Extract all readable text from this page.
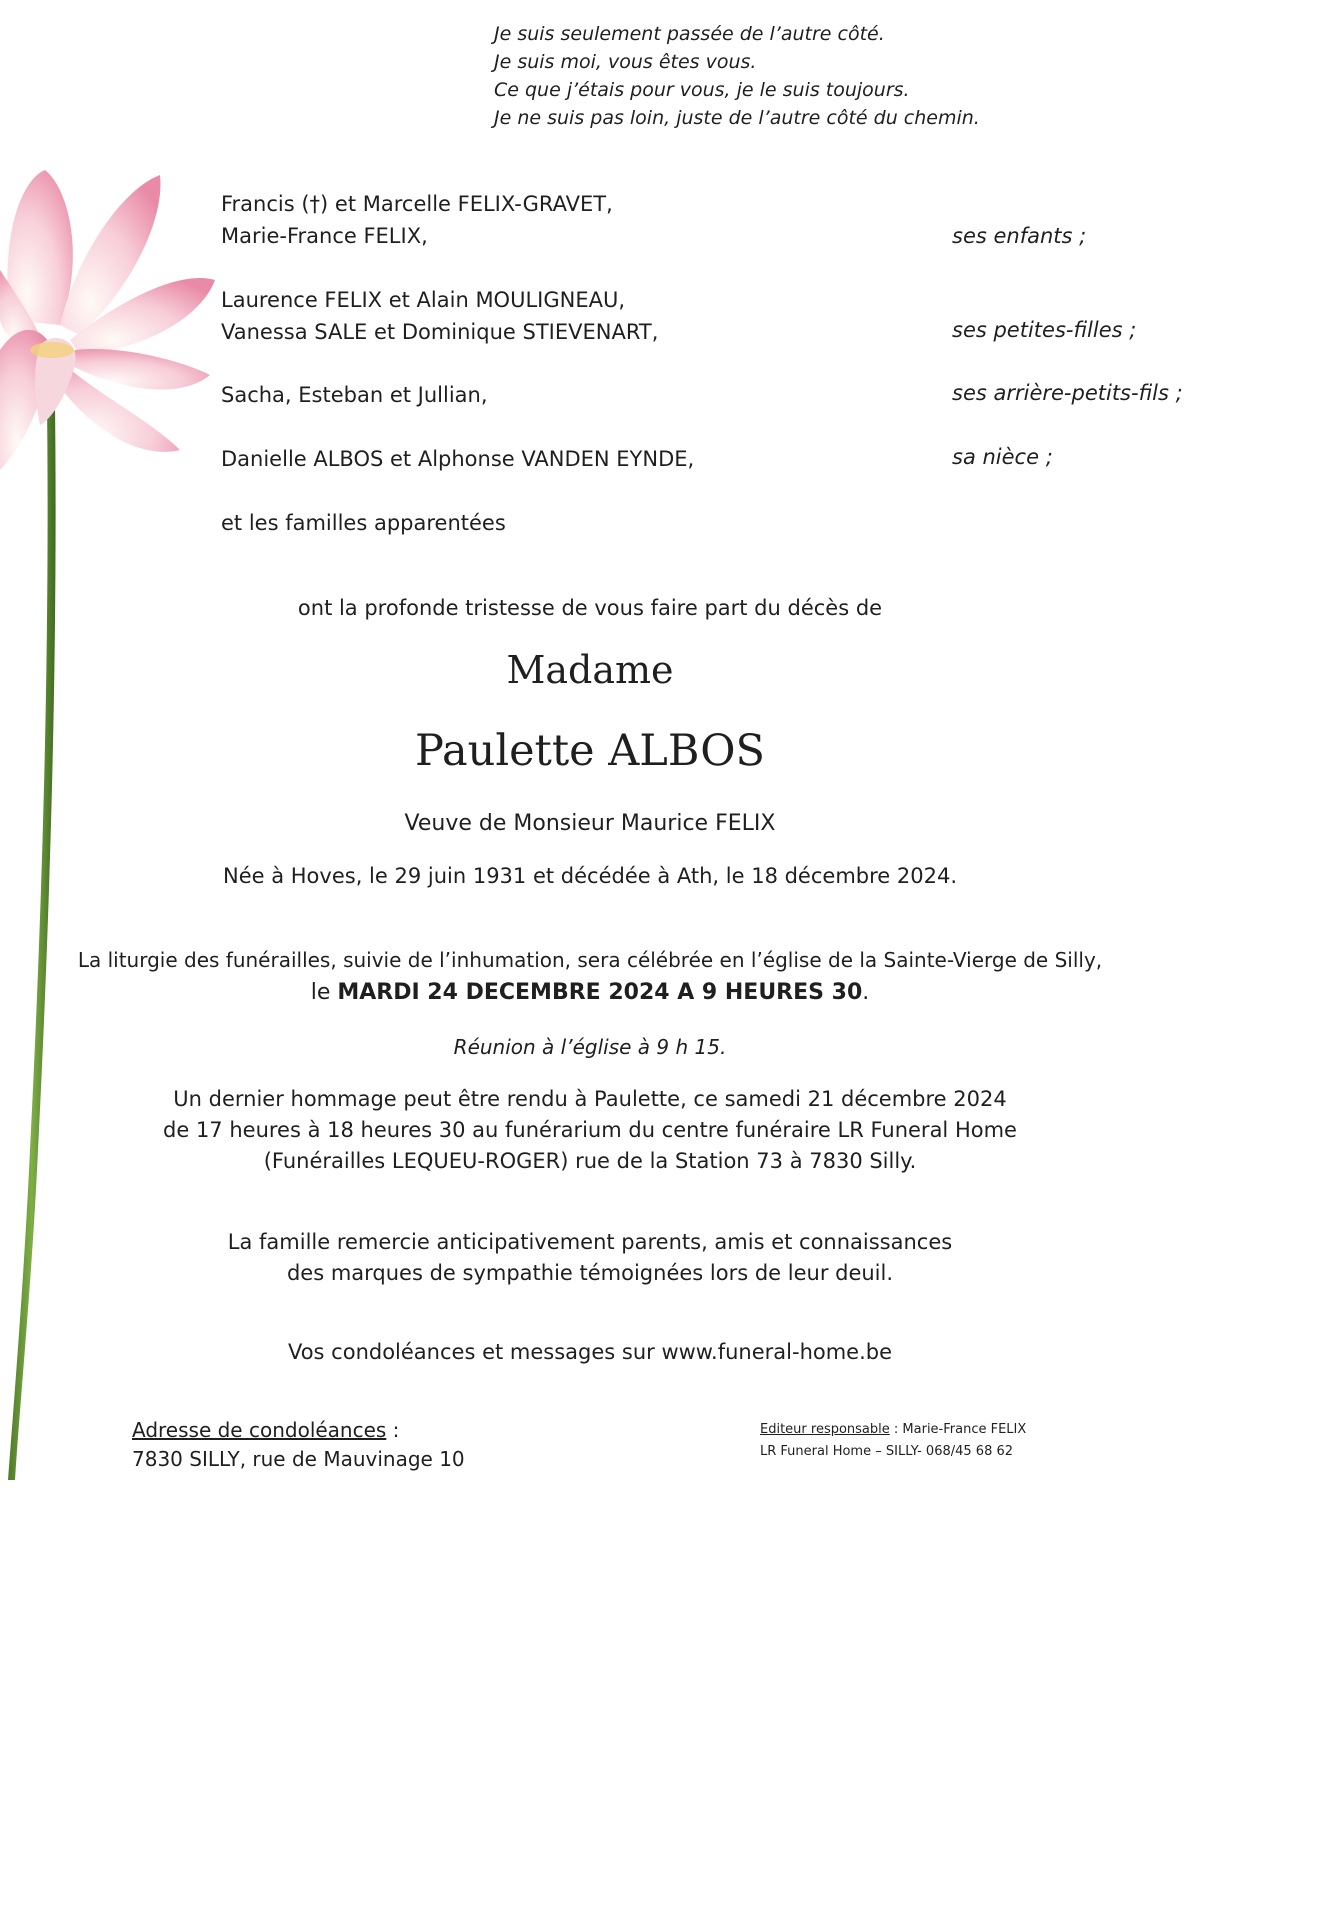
Je suis seulement passée de l’autre côté.
Je suis moi, vous êtes vous.
Ce que j’étais pour vous, je le suis toujours.
Je ne suis pas loin, juste de l’autre côté du chemin.
Francis (†) et Marcelle FELIX-GRAVET,
Marie-France FELIX,	ses enfants ;
Laurence FELIX et Alain MOULIGNEAU,
Vanessa SALE et Dominique STIEVENART,	ses petites-filles ;
Sacha, Esteban et Jullian,	ses arrière-petits-fils ;
Danielle ALBOS et Alphonse VANDEN EYNDE,	sa nièce ;
et les familles apparentées
ont la profonde tristesse de vous faire part du décès de
Madame
Paulette ALBOS
Veuve de Monsieur Maurice FELIX
Née à Hoves, le 29 juin 1931 et décédée à Ath, le 18 décembre 2024.
La liturgie des funérailles, suivie de l’inhumation, sera célébrée en l’église de la Sainte-Vierge de Silly,
le MARDI 24 DECEMBRE 2024 A 9 HEURES 30.
Réunion à l’église à 9 h 15.
Un dernier hommage peut être rendu à Paulette, ce samedi 21 décembre 2024
de 17 heures à 18 heures 30 au funérarium du centre funéraire LR Funeral Home
(Funérailles LEQUEU-ROGER) rue de la Station 73 à 7830 Silly.
La famille remercie anticipativement parents, amis et connaissances
des marques de sympathie témoignées lors de leur deuil.
Vos condoléances et messages sur www.funeral-home.be
Adresse de condoléances :
7830 SILLY, rue de Mauvinage 10
Editeur responsable : Marie-France FELIX
LR Funeral Home – SILLY- 068/45 68 62
